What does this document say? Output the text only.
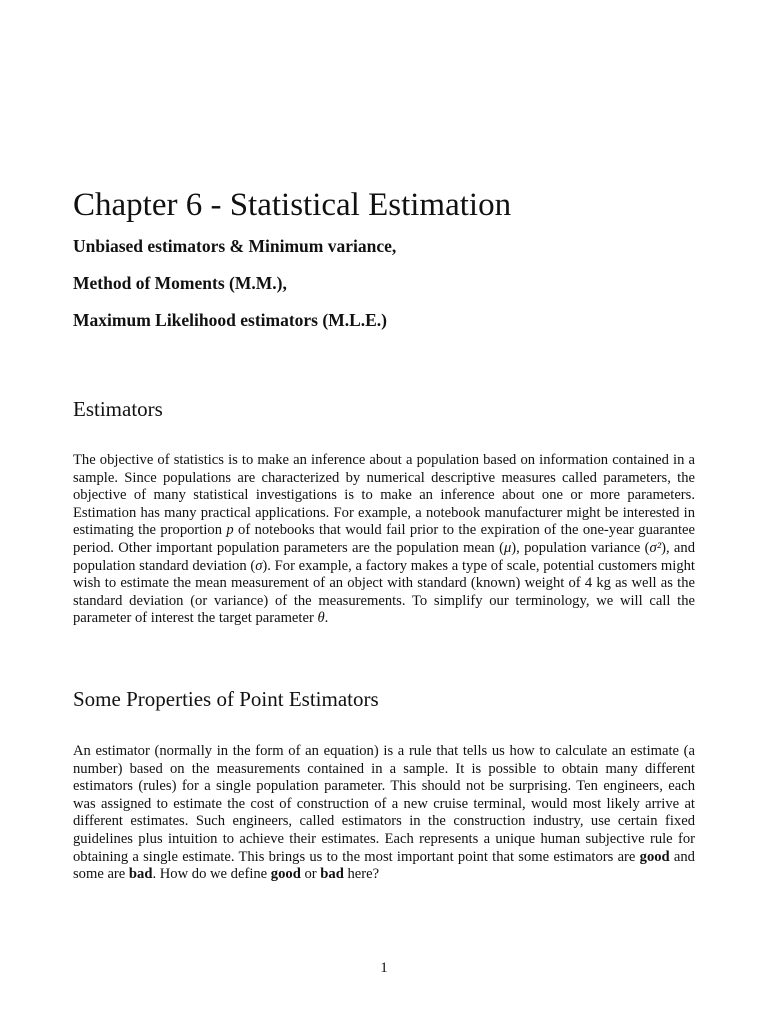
Chapter 6 - Statistical Estimation
Unbiased estimators & Minimum variance,
Method of Moments (M.M.),
Maximum Likelihood estimators (M.L.E.)
Estimators

The objective of statistics is to make an inference about a population based on information contained in a sample. Since populations are characterized by numerical descriptive measures called parameters, the objective of many statistical investigations is to make an inference about one or more parameters. Estimation has many practical applications. For example, a notebook manufacturer might be interested in estimating the proportion p of notebooks that would fail prior to the expiration of the one-year guarantee period. Other important population parameters are the population mean (μ), population variance (σ²), and population standard deviation (σ). For example, a factory makes a type of scale, potential customers might wish to estimate the mean measurement of an object with standard (known) weight of 4 kg as well as the standard deviation (or variance) of the measurements. To simplify our terminology, we will call the parameter of interest the target parameter θ.

Some Properties of Point Estimators

An estimator (normally in the form of an equation) is a rule that tells us how to calculate an estimate (a number) based on the measurements contained in a sample. It is possible to obtain many different estimators (rules) for a single population parameter. This should not be surprising. Ten engineers, each was assigned to estimate the cost of construction of a new cruise terminal, would most likely arrive at different estimates. Such engineers, called estimators in the construction industry, use certain fixed guidelines plus intuition to achieve their estimates. Each represents a unique human subjective rule for obtaining a single estimate. This brings us to the most important point that some estimators are good and some are bad. How do we define good or bad here?

1
